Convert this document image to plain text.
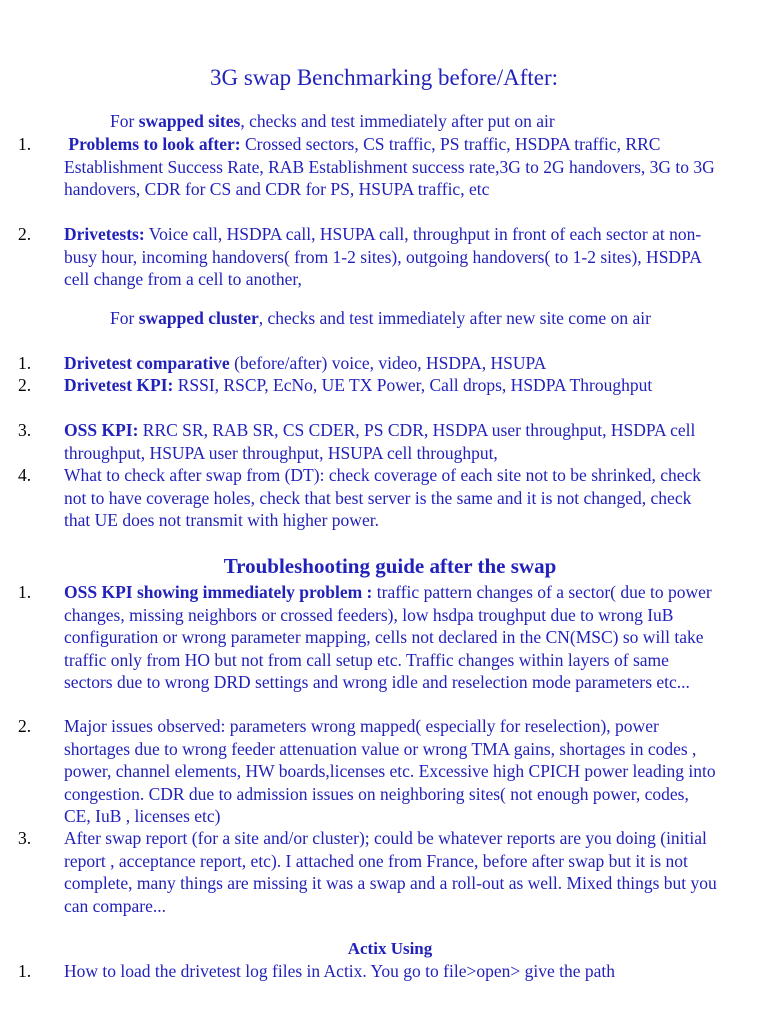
3G swap Benchmarking before/After:

For swapped sites, checks and test immediately after put on air

1. Problems to look after: Crossed sectors, CS traffic, PS traffic, HSDPA traffic, RRC Establishment Success Rate, RAB Establishment success rate,3G to 2G handovers, 3G to 3G handovers, CDR for CS and CDR for PS, HSUPA traffic, etc

2. Drivetests: Voice call, HSDPA call, HSUPA call, throughput in front of each sector at non-busy hour, incoming handovers( from 1-2 sites), outgoing handovers( to 1-2 sites), HSDPA cell change from a cell to another,

For swapped cluster, checks and test immediately after new site come on air

1. Drivetest comparative (before/after) voice, video, HSDPA, HSUPA

2. Drivetest KPI: RSSI, RSCP, EcNo, UE TX Power, Call drops, HSDPA Throughput

3. OSS KPI: RRC SR, RAB SR, CS CDER, PS CDR, HSDPA user throughput, HSDPA cell throughput, HSUPA user throughput, HSUPA cell throughput,

4. What to check after swap from (DT): check coverage of each site not to be shrinked, check not to have coverage holes, check that best server is the same and it is not changed, check that UE does not transmit with higher power.

Troubleshooting guide after the swap
1. OSS KPI showing immediately problem : traffic pattern changes of a sector( due to power changes, missing neighbors or crossed feeders), low hsdpa troughput due to wrong IuB configuration or wrong parameter mapping, cells not declared in the CN(MSC) so will take traffic only from HO but not from call setup etc. Traffic changes within layers of same sectors due to wrong DRD settings and wrong idle and reselection mode parameters etc...

2. Major issues observed: parameters wrong mapped( especially for reselection), power shortages due to wrong feeder attenuation value or wrong TMA gains, shortages in codes , power, channel elements, HW boards,licenses etc. Excessive high CPICH power leading into congestion. CDR due to admission issues on neighboring sites( not enough power, codes, CE, IuB , licenses etc)

3. After swap report (for a site and/or cluster); could be whatever reports are you doing (initial report , acceptance report, etc). I attached one from France, before after swap but it is not complete, many things are missing it was a swap and a roll-out as well. Mixed things but you can compare...

Actix Using
1. How to load the drivetest log files in Actix. You go to file>open> give the path
